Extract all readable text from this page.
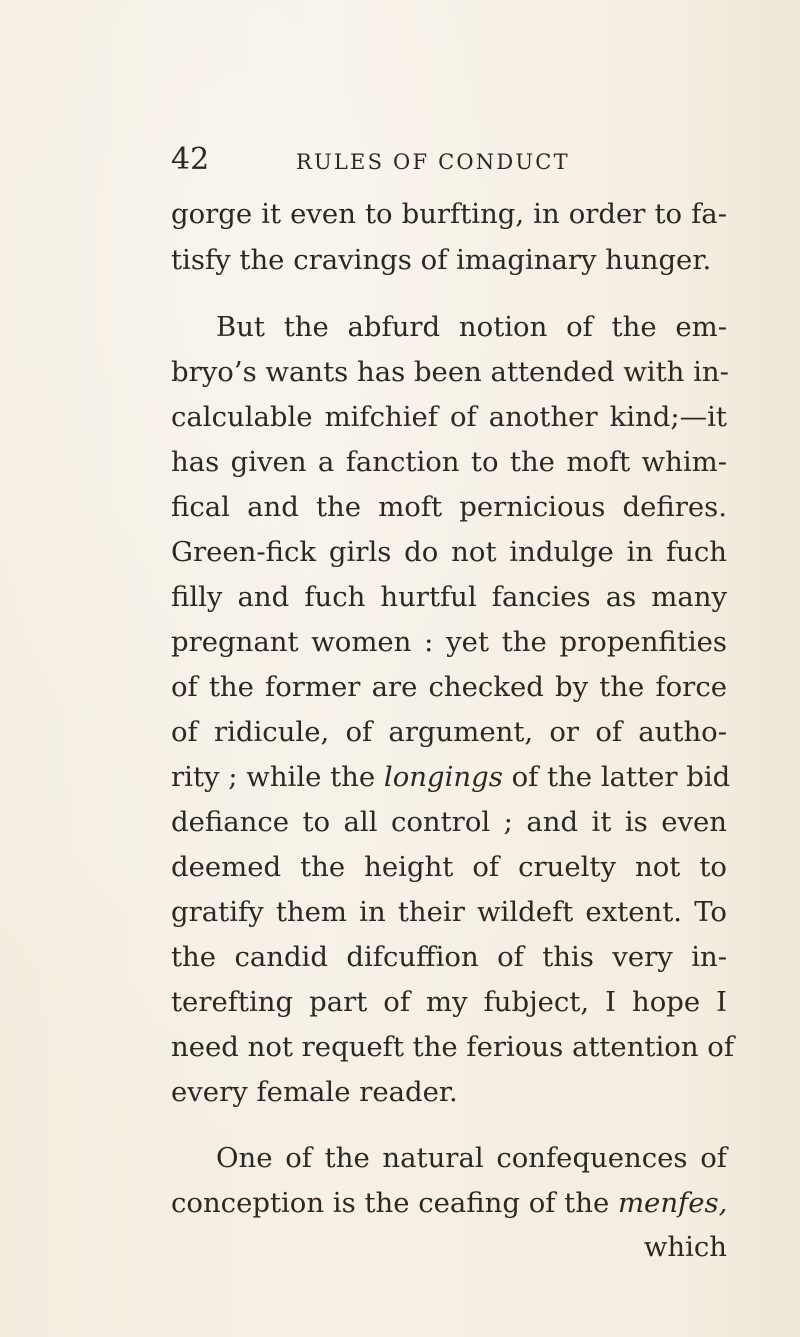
42	RULES OF CONDUCT
gorge it even to burfting, in order to fa-
tisfy the cravings of imaginary hunger.
But the abfurd notion of the em-
bryo’s wants has been attended with in-
calculable mifchief of another kind;—it
has given a fanction to the moft whim-
fical and the moft pernicious defires.
Green-fick girls do not indulge in fuch
filly and fuch hurtful fancies as many
pregnant women : yet the propenfities
of the former are checked by the force
of ridicule, of argument, or of autho-
rity ; while the longings of the latter bid
defiance to all control ; and it is even
deemed the height of cruelty not to
gratify them in their wildeft extent. To
the candid difcuffion of this very in-
terefting part of my fubject, I hope I
need not requeft the ferious attention of
every female reader.
One of the natural confequences of
conception is the ceafing of the menfes,
which
